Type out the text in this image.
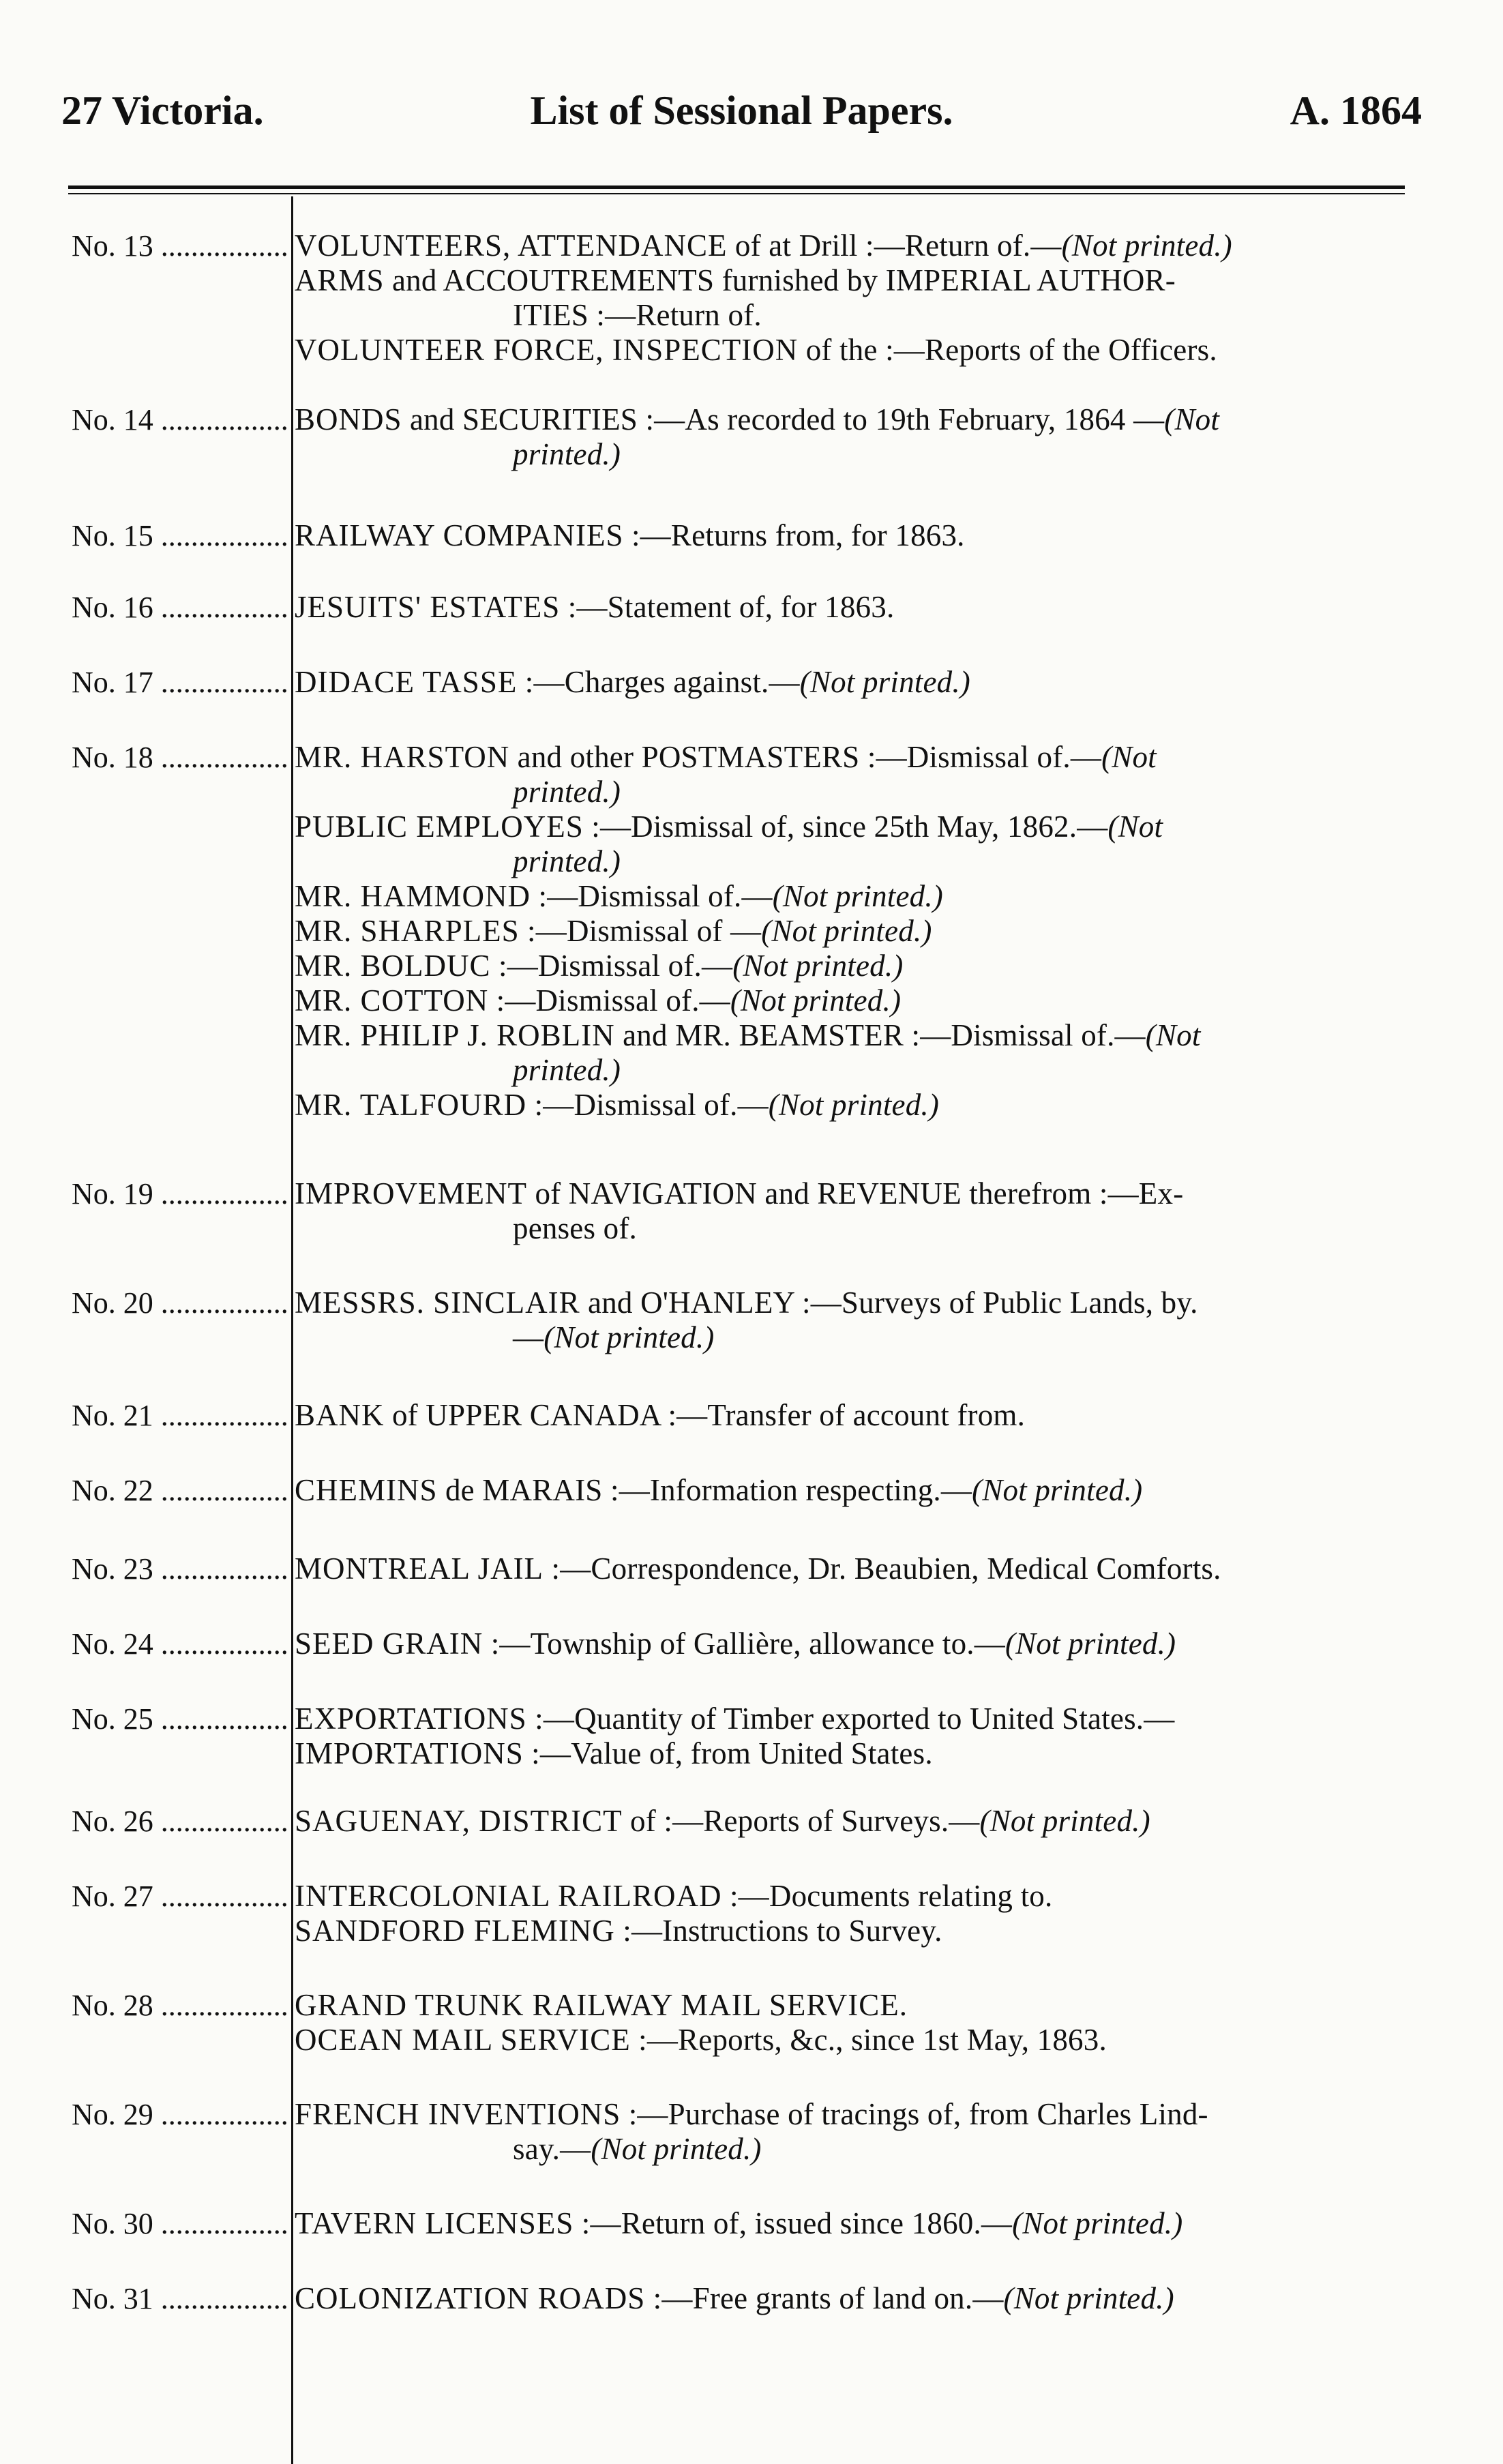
27 Victoria.	List of Sessional Papers.	A. 1864
No. 13 .....	VOLUNTEERS, ATTENDANCE of at Drill :—Return of.—(Not printed.)
ARMS and ACCOUTREMENTS furnished by IMPERIAL AUTHOR-
ITIES :—Return of.
VOLUNTEER FORCE, INSPECTION of the :—Reports of the Officers.
No. 14 .....	BONDS and SECURITIES :—As recorded to 19th February, 1864 —(Not
printed.)
No. 15 .....	RAILWAY COMPANIES :—Returns from, for 1863.
No. 16 .....	JESUITS' ESTATES :—Statement of, for 1863.
No. 17 .....	DIDACE TASSE :—Charges against.—(Not printed.)
No. 18 .....	MR. HARSTON and other POSTMASTERS :—Dismissal of.—(Not
printed.)
PUBLIC EMPLOYES :—Dismissal of, since 25th May, 1862.—(Not
printed.)
MR. HAMMOND :—Dismissal of.—(Not printed.)
MR. SHARPLES :—Dismissal of —(Not printed.)
MR. BOLDUC :—Dismissal of.—(Not printed.)
MR. COTTON :—Dismissal of.—(Not printed.)
MR. PHILIP J. ROBLIN and MR. BEAMSTER :—Dismissal of.—(Not
printed.)
MR. TALFOURD :—Dismissal of.—(Not printed.)
No. 19 .....	IMPROVEMENT of NAVIGATION and REVENUE therefrom :—Ex-
penses of.
No. 20 .....	MESSRS. SINCLAIR and O'HANLEY :—Surveys of Public Lands, by.
—(Not printed.)
No. 21 .....	BANK of UPPER CANADA :—Transfer of account from.
No. 22 .....	CHEMINS de MARAIS :—Information respecting.—(Not printed.)
No. 23 .....	MONTREAL JAIL :—Correspondence, Dr. Beaubien, Medical Comforts.
No. 24 .....	SEED GRAIN :—Township of Gallière, allowance to.—(Not printed.)
No. 25 .....	EXPORTATIONS :—Quantity of Timber exported to United States.—
IMPORTATIONS :—Value of, from United States.
No. 26 .....	SAGUENAY, DISTRICT of :—Reports of Surveys.—(Not printed.)
No. 27 .....	INTERCOLONIAL RAILROAD :—Documents relating to.
SANDFORD FLEMING :—Instructions to Survey.
No. 28 .....	GRAND TRUNK RAILWAY MAIL SERVICE.
OCEAN MAIL SERVICE :—Reports, &c., since 1st May, 1863.
No. 29 .....	FRENCH INVENTIONS :—Purchase of tracings of, from Charles Lind-
say.—(Not printed.)
No. 30 .....	TAVERN LICENSES :—Return of, issued since 1860.—(Not printed.)
No. 31 .....	COLONIZATION ROADS :—Free grants of land on.—(Not printed.)
